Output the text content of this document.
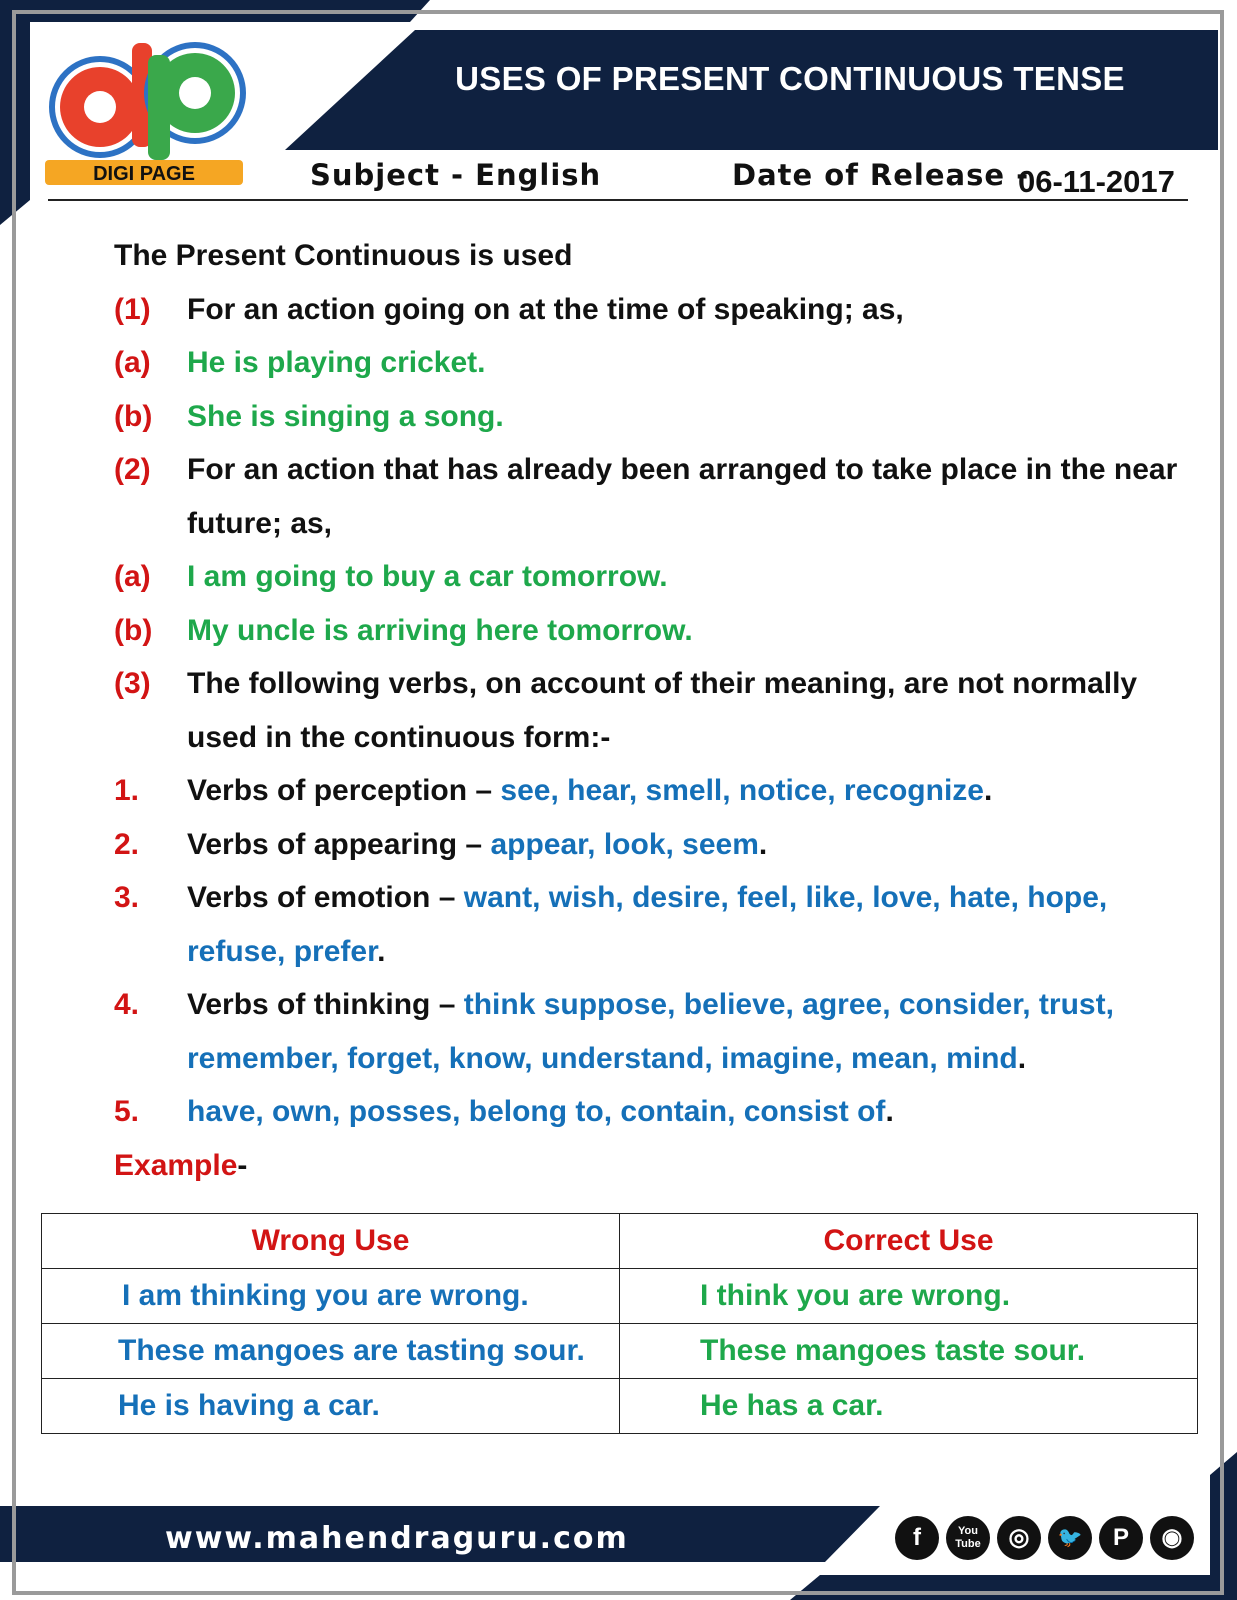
DIGI PAGE
USES OF PRESENT CONTINUOUS TENSE
Subject - English	Date of Release -
06-11-2017
The Present Continuous is used
(1) For an action going on at the time of speaking; as,
(a) He is playing cricket.
(b) She is singing a song.
(2) For an action that has already been arranged to take place in the near
future; as,
(a) I am going to buy a car tomorrow.
(b) My uncle is arriving here tomorrow.
(3) The following verbs, on account of their meaning, are not normally
used in the continuous form:-
1. Verbs of perception – see, hear, smell, notice, recognize.
2. Verbs of appearing – appear, look, seem.
3. Verbs of emotion – want, wish, desire, feel, like, love, hate, hope,
refuse, prefer.
4. Verbs of thinking – think suppose, believe, agree, consider, trust,
remember, forget, know, understand, imagine, mean, mind.
5. have, own, posses, belong to, contain, consist of.
Example-
Wrong Use	Correct Use
I am thinking you are wrong.	I think you are wrong.
These mangoes are tasting sour.	These mangoes taste sour.
He is having a car.	He has a car.
www.mahendraguru.com	f	You Tube	◎	🐦	P	◉
